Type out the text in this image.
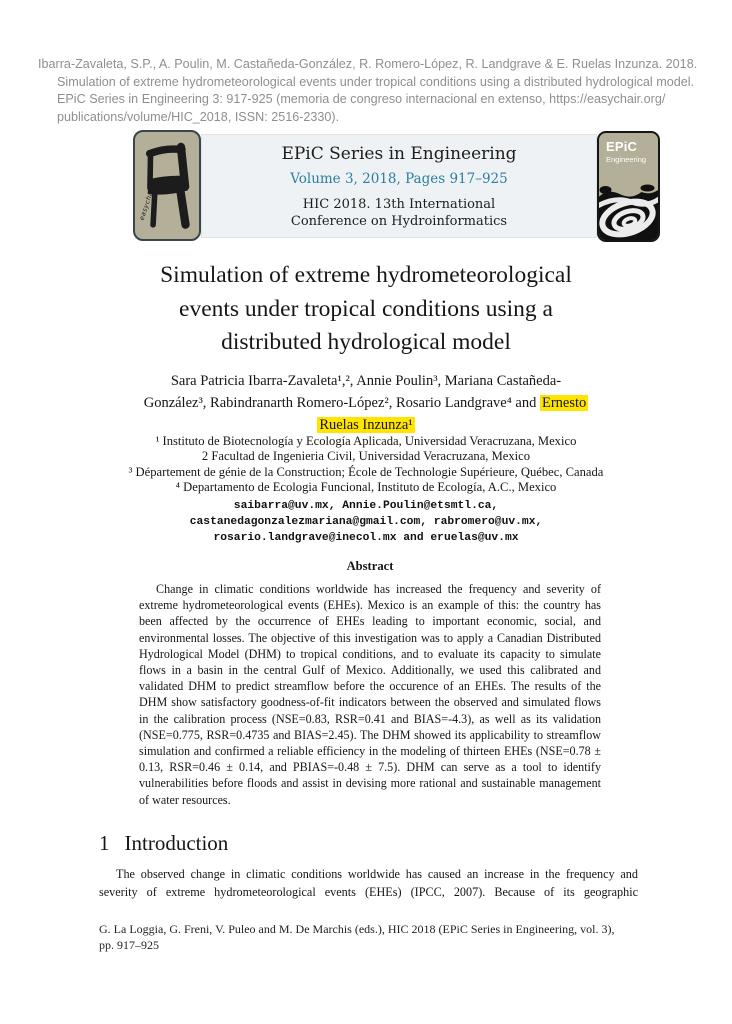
Ibarra-Zavaleta, S.P., A. Poulin, M. Castañeda-González, R. Romero-López, R. Landgrave & E. Ruelas Inzunza. 2018.
Simulation of extreme hydrometeorological events under tropical conditions using a distributed hydrological model.
EPiC Series in Engineering 3: 917-925 (memoria de congreso internacional en extenso, https://easychair.org/
publications/volume/HIC_2018, ISSN: 2516-2330).
easychair
EPiC Series in Engineering
Volume 3, 2018, Pages 917–925
HIC 2018. 13th International
Conference on Hydroinformatics
EPiC
Engineering
Simulation of extreme hydrometeorological
events under tropical conditions using a
distributed hydrological model
Sara Patricia Ibarra-Zavaleta¹,², Annie Poulin³, Mariana Castañeda-
González³, Rabindranarth Romero-López², Rosario Landgrave⁴ and Ernesto
Ruelas Inzunza¹
¹ Instituto de Biotecnología y Ecología Aplicada, Universidad Veracruzana, Mexico
2 Facultad de Ingenieria Civil, Universidad Veracruzana, Mexico
³ Département de génie de la Construction; École de Technologie Supérieure, Québec, Canada
⁴ Departamento de Ecologia Funcional, Instituto de Ecología, A.C., Mexico
saibarra@uv.mx, Annie.Poulin@etsmtl.ca,
castanedagonzalezmariana@gmail.com, rabromero@uv.mx,
rosario.landgrave@inecol.mx and eruelas@uv.mx
Abstract

Change in climatic conditions worldwide has increased the frequency and severity of extreme hydrometeorological events (EHEs). Mexico is an example of this: the country has been affected by the occurrence of EHEs leading to important economic, social, and environmental losses. The objective of this investigation was to apply a Canadian Distributed Hydrological Model (DHM) to tropical conditions, and to evaluate its capacity to simulate flows in a basin in the central Gulf of Mexico. Additionally, we used this calibrated and validated DHM to predict streamflow before the occurence of an EHEs. The results of the DHM show satisfactory goodness-of-fit indicators between the observed and simulated flows in the calibration process (NSE=0.83, RSR=0.41 and BIAS=-4.3), as well as its validation (NSE=0.775, RSR=0.4735 and BIAS=2.45). The DHM showed its applicability to streamflow simulation and confirmed a reliable efficiency in the modeling of thirteen EHEs (NSE=0.78 ± 0.13, RSR=0.46 ± 0.14, and PBIAS=-0.48 ± 7.5). DHM can serve as a tool to identify vulnerabilities before floods and assist in devising more rational and sustainable management of water resources.

1 Introduction
The observed change in climatic conditions worldwide has caused an increase in the frequency and
severity of extreme hydrometeorological events (EHEs) (IPCC, 2007). Because of its geographic
G. La Loggia, G. Freni, V. Puleo and M. De Marchis (eds.), HIC 2018 (EPiC Series in Engineering, vol. 3),
pp. 917–925
